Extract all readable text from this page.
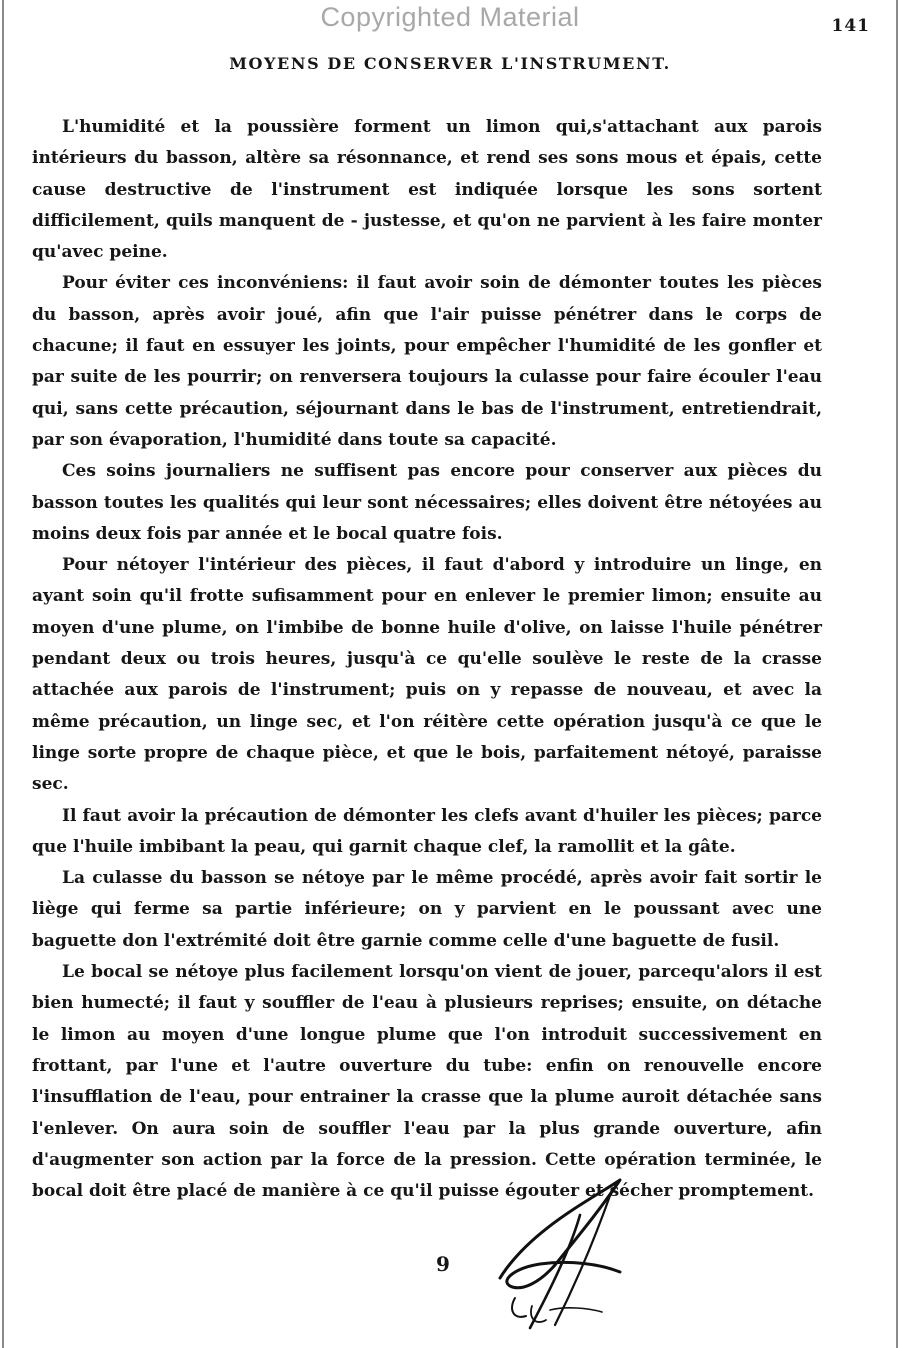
Copyrighted Material	141
MOYENS DE CONSERVER L'INSTRUMENT.

L'humidité et la poussière forment un limon qui,s'attachant aux parois intérieurs du basson, altère sa résonnance, et rend ses sons mous et épais, cette cause destructive de l'instrument est indiquée lorsque les sons sortent difficilement, quils manquent de - justesse, et qu'on ne parvient à les faire monter qu'avec peine.

Pour éviter ces inconvéniens: il faut avoir soin de démonter toutes les pièces du basson, après avoir joué, afin que l'air puisse pénétrer dans le corps de chacune; il faut en essuyer les joints, pour empêcher l'humidité de les gonfler et par suite de les pourrir; on renversera toujours la culasse pour faire écouler l'eau qui, sans cette précaution, séjournant dans le bas de l'instrument, entretiendrait, par son évaporation, l'humidité dans toute sa capacité.

Ces soins journaliers ne suffisent pas encore pour conserver aux pièces du basson toutes les qualités qui leur sont nécessaires; elles doivent être nétoyées au moins deux fois par année et le bocal quatre fois.

Pour nétoyer l'intérieur des pièces, il faut d'abord y introduire un linge, en ayant soin qu'il frotte sufisamment pour en enlever le premier limon; ensuite au moyen d'une plume, on l'imbibe de bonne huile d'olive, on laisse l'huile pénétrer pendant deux ou trois heures, jusqu'à ce qu'elle soulève le reste de la crasse attachée aux parois de l'instrument; puis on y repasse de nouveau, et avec la même précaution, un linge sec, et l'on réitère cette opération jusqu'à ce que le linge sorte propre de chaque pièce, et que le bois, parfaitement nétoyé, paraisse sec.

Il faut avoir la précaution de démonter les clefs avant d'huiler les pièces; parce que l'huile imbibant la peau, qui garnit chaque clef, la ramollit et la gâte.

La culasse du basson se nétoye par le même procédé, après avoir fait sortir le liège qui ferme sa partie inférieure; on y parvient en le poussant avec une baguette don l'extrémité doit être garnie comme celle d'une baguette de fusil.

Le bocal se nétoye plus facilement lorsqu'on vient de jouer, parcequ'alors il est bien humecté; il faut y souffler de l'eau à plusieurs reprises; ensuite, on détache le limon au moyen d'une longue plume que l'on introduit successivement en frottant, par l'une et l'autre ouverture du tube: enfin on renouvelle encore l'insufflation de l'eau, pour entrainer la crasse que la plume auroit détachée sans l'enlever. On aura soin de souffler l'eau par la plus grande ouverture, afin d'augmenter son action par la force de la pression. Cette opération terminée, le bocal doit être placé de manière à ce qu'il puisse égouter et sécher promptement.

9
